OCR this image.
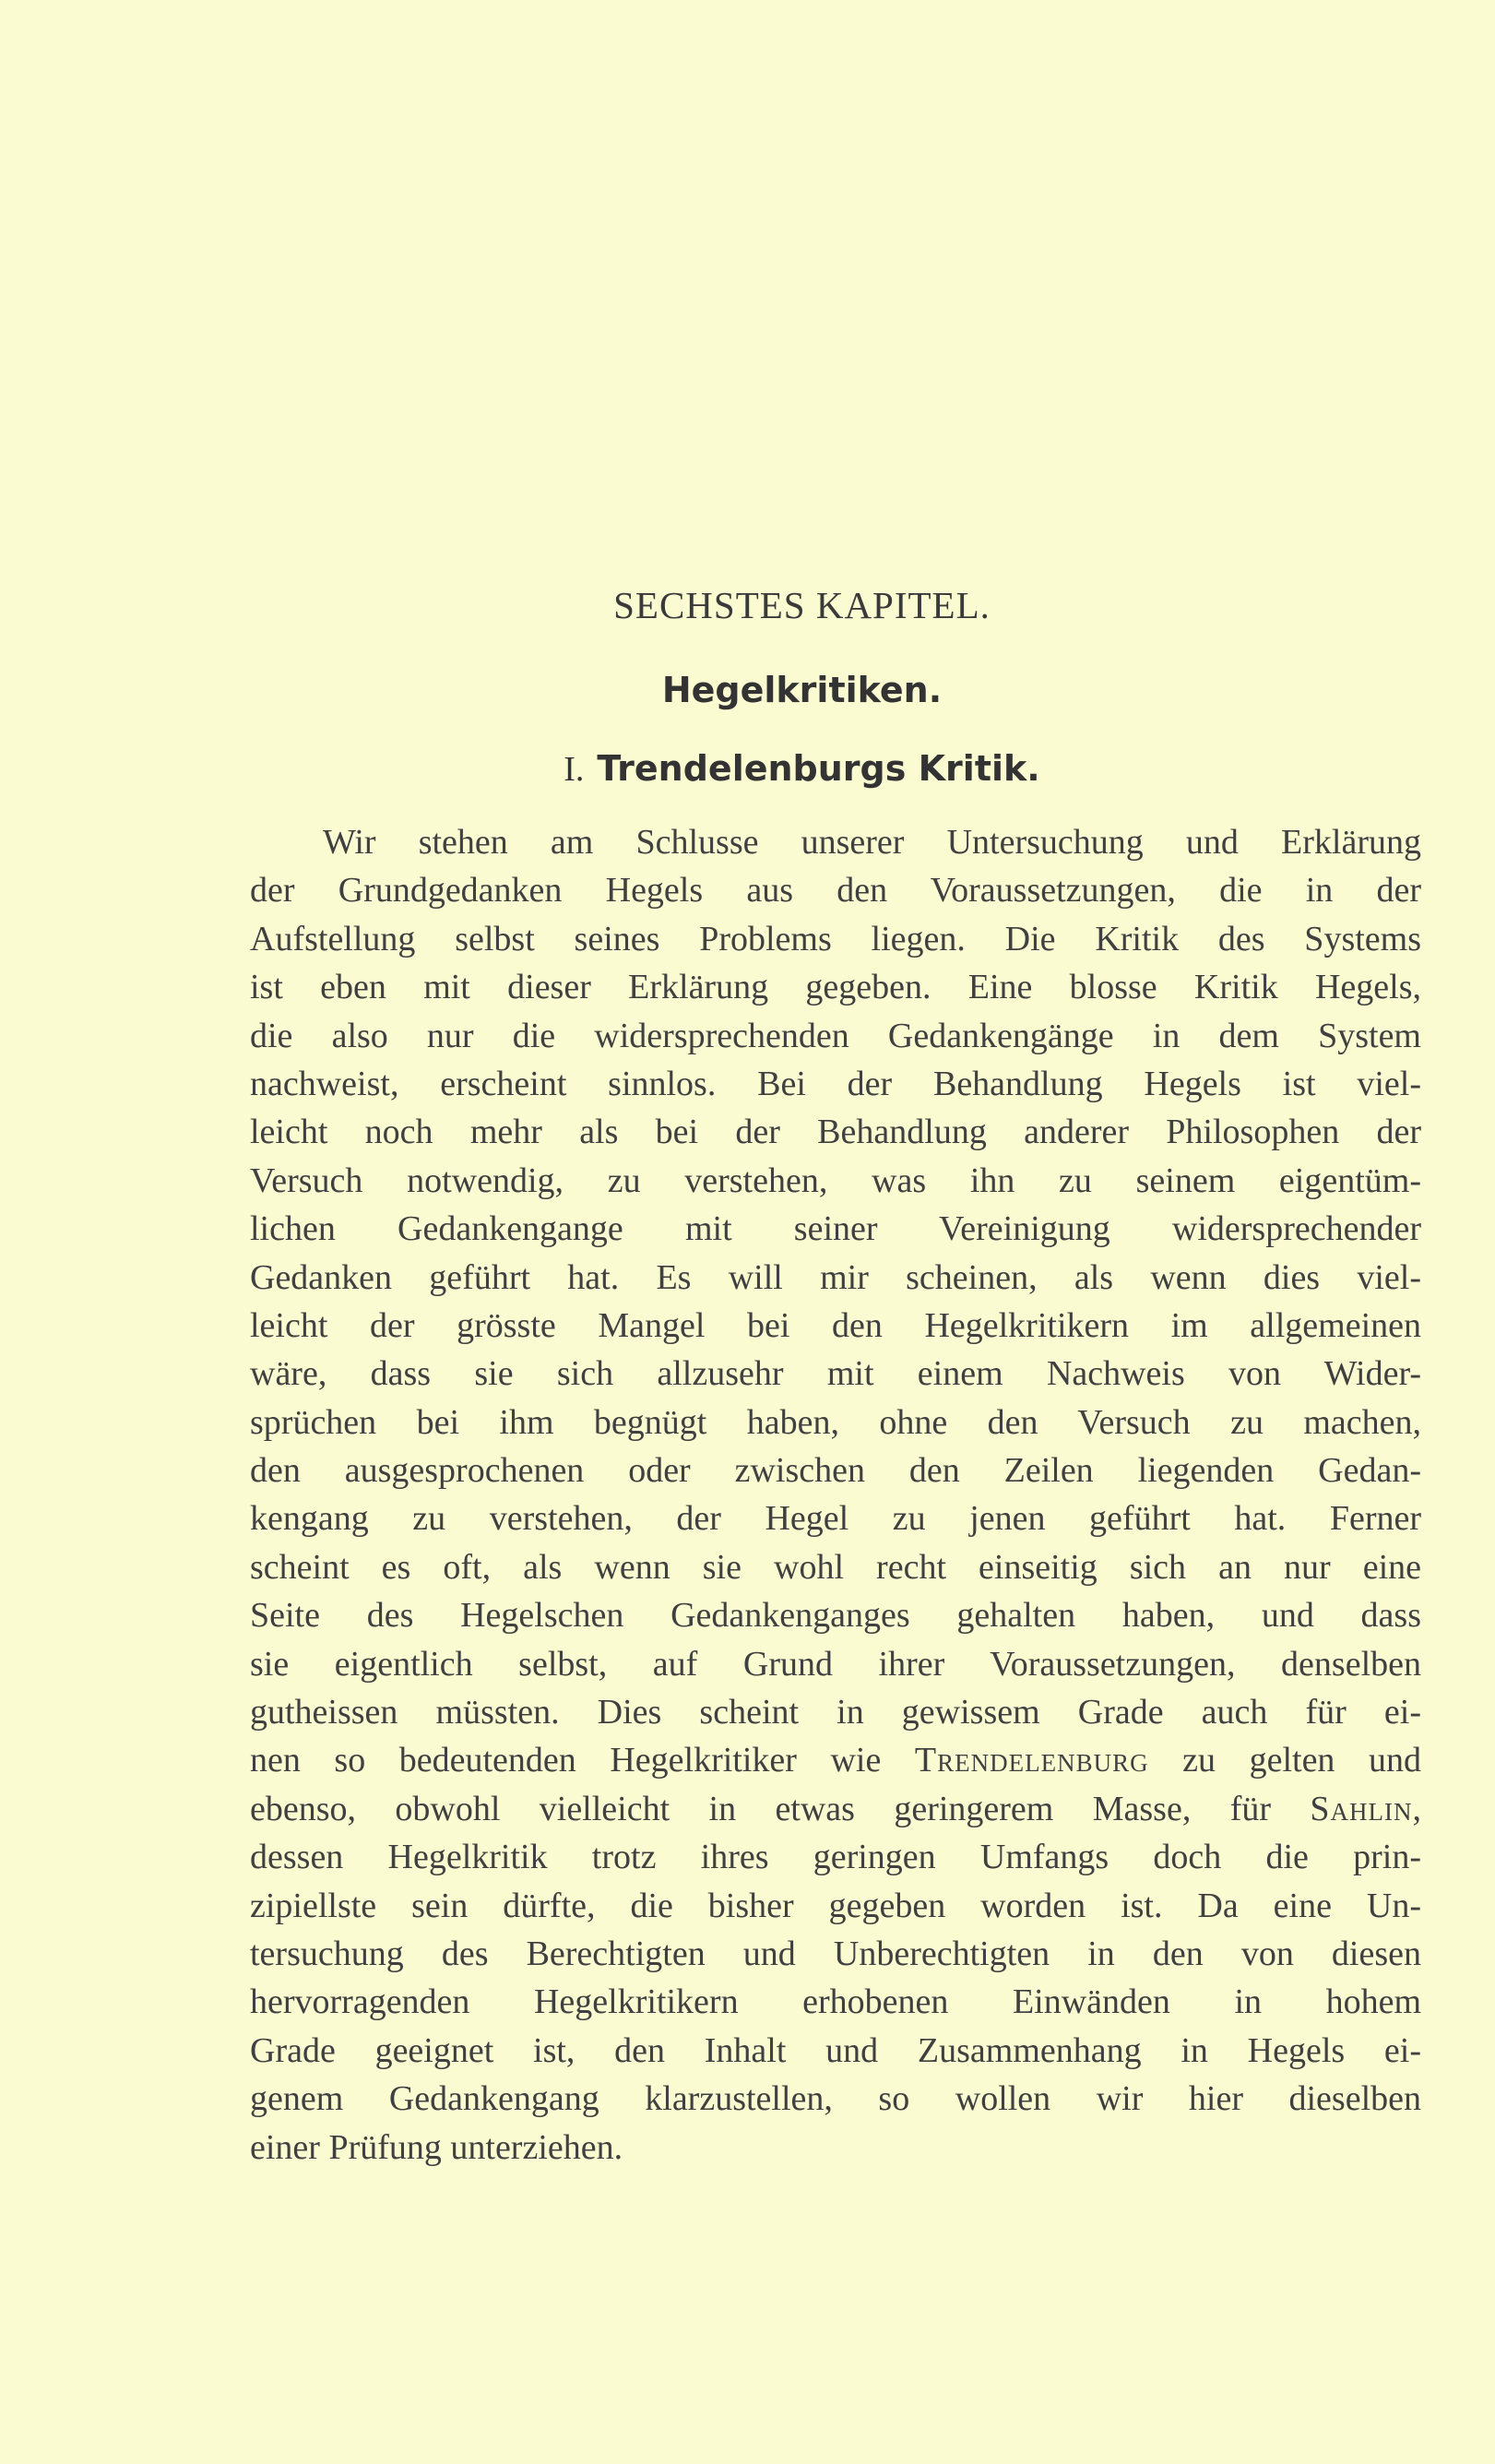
SECHSTES KAPITEL.
Hegelkritiken.
I. Trendelenburgs Kritik.
Wir stehen am Schlusse unserer Untersuchung und Erklärung
der Grundgedanken Hegels aus den Voraussetzungen, die in der
Aufstellung selbst seines Problems liegen. Die Kritik des Systems
ist eben mit dieser Erklärung gegeben. Eine blosse Kritik Hegels,
die also nur die widersprechenden Gedankengänge in dem System
nachweist, erscheint sinnlos. Bei der Behandlung Hegels ist viel-
leicht noch mehr als bei der Behandlung anderer Philosophen der
Versuch notwendig, zu verstehen, was ihn zu seinem eigentüm-
lichen Gedankengange mit seiner Vereinigung widersprechender
Gedanken geführt hat. Es will mir scheinen, als wenn dies viel-
leicht der grösste Mangel bei den Hegelkritikern im allgemeinen
wäre, dass sie sich allzusehr mit einem Nachweis von Wider-
sprüchen bei ihm begnügt haben, ohne den Versuch zu machen,
den ausgesprochenen oder zwischen den Zeilen liegenden Gedan-
kengang zu verstehen, der Hegel zu jenen geführt hat. Ferner
scheint es oft, als wenn sie wohl recht einseitig sich an nur eine
Seite des Hegelschen Gedankenganges gehalten haben, und dass
sie eigentlich selbst, auf Grund ihrer Voraussetzungen, denselben
gutheissen müssten. Dies scheint in gewissem Grade auch für ei-
nen so bedeutenden Hegelkritiker wie Trendelenburg zu gelten und
ebenso, obwohl vielleicht in etwas geringerem Masse, für Sahlin,
dessen Hegelkritik trotz ihres geringen Umfangs doch die prin-
zipiellste sein dürfte, die bisher gegeben worden ist. Da eine Un-
tersuchung des Berechtigten und Unberechtigten in den von diesen
hervorragenden Hegelkritikern erhobenen Einwänden in hohem
Grade geeignet ist, den Inhalt und Zusammenhang in Hegels ei-
genem Gedankengang klarzustellen, so wollen wir hier dieselben
einer Prüfung unterziehen.
